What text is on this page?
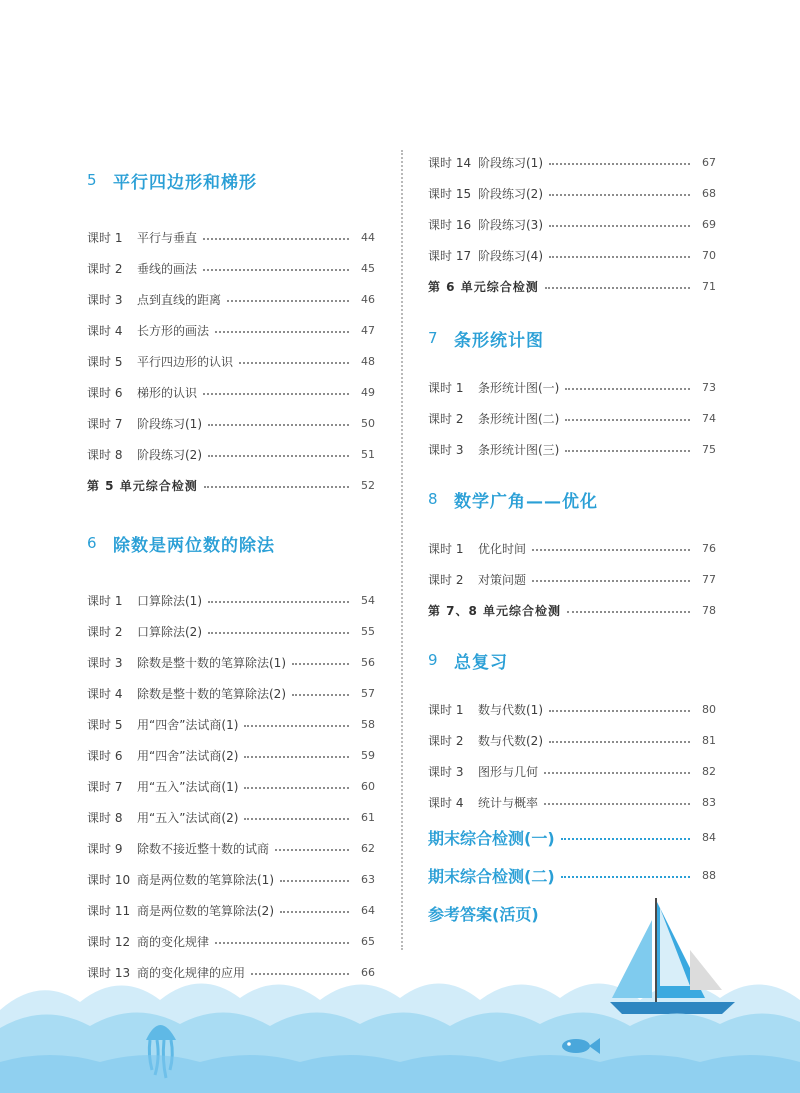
5 平行四边形和梯形
课时 1	平行与垂直	44
课时 2	垂线的画法	45
课时 3	点到直线的距离	46
课时 4	长方形的画法	47
课时 5	平行四边形的认识	48
课时 6	梯形的认识	49
课时 7	阶段练习(1)	50
课时 8	阶段练习(2)	51
第 5 单元综合检测	52
6 除数是两位数的除法
课时 1	口算除法(1)	54
课时 2	口算除法(2)	55
课时 3	除数是整十数的笔算除法(1)	56
课时 4	除数是整十数的笔算除法(2)	57
课时 5	用“四舍”法试商(1)	58
课时 6	用“四舍”法试商(2)	59
课时 7	用“五入”法试商(1)	60
课时 8	用“五入”法试商(2)	61
课时 9	除数不接近整十数的试商	62
课时 10 商是两位数的笔算除法(1)	63
课时 11 商是两位数的笔算除法(2)	64
课时 12 商的变化规律	65
课时 13 商的变化规律的应用	66
课时 14 阶段练习(1)	67
课时 15 阶段练习(2)	68
课时 16 阶段练习(3)	69
课时 17 阶段练习(4)	70
第 6 单元综合检测	71
7 条形统计图
课时 1	条形统计图(一)	73
课时 2	条形统计图(二)	74
课时 3	条形统计图(三)	75
8 数学广角——优化
课时 1	优化时间	76
课时 2	对策问题	77
第 7、8 单元综合检测	78
9 总复习
课时 1	数与代数(1)	80
课时 2	数与代数(2)	81
课时 3	图形与几何	82
课时 4	统计与概率	83
期末综合检测(一)	84
期末综合检测(二)	88
参考答案(活页)
